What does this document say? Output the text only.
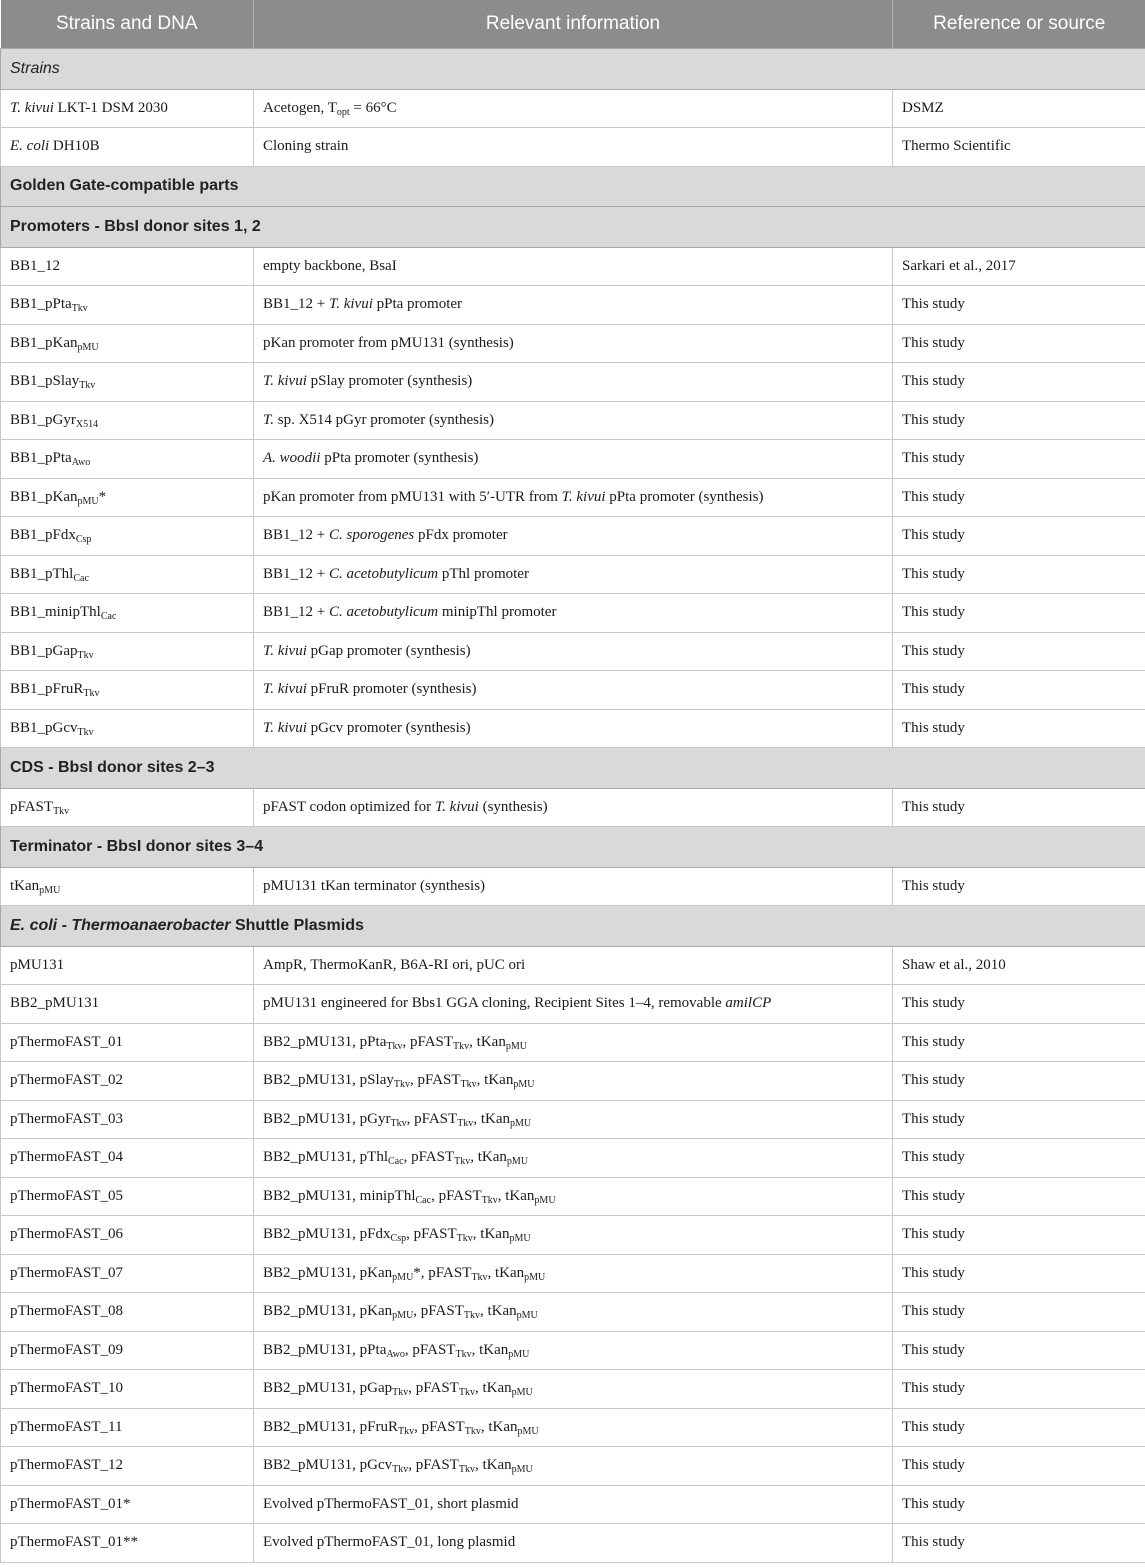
Strains and DNA	Relevant information	Reference or source
Strains		
T. kivui LKT-1 DSM 2030	Acetogen, $T_{opt} = 66^\circ C$	DSMZ
E. coli DH10B	Cloning strain	Thermo Scientific
Golden Gate-compatible parts		
Promoters - BbsI donor sites 1, 2		
BB1_12	empty backbone, BsaI	Sarkari et al., 2017
BB1_pPta$_{Tkv}$	BB1_12 + T. kivui pPta promoter	This study
BB1_pKan$_{pMU}$	pKan promoter from pMU131 (synthesis)	This study
BB1_pSlay$_{Tkv}$	T. kivui pSlay promoter (synthesis)	This study
BB1_pGyr$_{X514}$	T. sp. X514 pGyr promoter (synthesis)	This study
BB1_pPta$_{Awo}$	A. woodii pPta promoter (synthesis)	This study
BB1_pKan$_{pMU}$*	pKan promoter from pMU131 with 5′-UTR from T. kivui pPta promoter (synthesis)	This study
BB1_pFdx$_{Csp}$	BB1_12 + C. sporogenes pFdx promoter	This study
BB1_pThl$_{Cac}$	BB1_12 + C. acetobutylicum pThl promoter	This study
BB1_minipThl$_{Cac}$	BB1_12 + C. acetobutylicum minipThl promoter	This study
BB1_pGap$_{Tkv}$	T. kivui pGap promoter (synthesis)	This study
BB1_pFruR$_{Tkv}$	T. kivui pFruR promoter (synthesis)	This study
BB1_pGcv$_{Tkv}$	T. kivui pGcv promoter (synthesis)	This study
CDS - BbsI donor sites 2–3		
pFAST$_{Tkv}$	pFAST codon optimized for T. kivui (synthesis)	This study
Terminator - BbsI donor sites 3–4		
tKan$_{pMU}$	pMU131 tKan terminator (synthesis)	This study
E. coli - Thermoanaerobacter Shuttle Plasmids		
pMU131	AmpR, ThermoKanR, B6A-RI ori, pUC ori	Shaw et al., 2010
BB2_pMU131	pMU131 engineered for Bbs1 GGA cloning, Recipient Sites 1–4, removable amilCP	This study
pThermoFAST_01	BB2_pMU131, pPta$_{Tkv}$, pFAST$_{Tkv}$, tKan$_{pMU}$	This study
pThermoFAST_02	BB2_pMU131, pSlay$_{Tkv}$, pFAST$_{Tkv}$, tKan$_{pMU}$	This study
pThermoFAST_03	BB2_pMU131, pGyr$_{Tkv}$, pFAST$_{Tkv}$, tKan$_{pMU}$	This study
pThermoFAST_04	BB2_pMU131, pThl$_{Cac}$, pFAST$_{Tkv}$, tKan$_{pMU}$	This study
pThermoFAST_05	BB2_pMU131, minipThl$_{Cac}$, pFAST$_{Tkv}$, tKan$_{pMU}$	This study
pThermoFAST_06	BB2_pMU131, pFdx$_{Csp}$, pFAST$_{Tkv}$, tKan$_{pMU}$	This study
pThermoFAST_07	BB2_pMU131, pKan$_{pMU}$*, pFAST$_{Tkv}$, tKan$_{pMU}$	This study
pThermoFAST_08	BB2_pMU131, pKan$_{pMU}$, pFAST$_{Tkv}$, tKan$_{pMU}$	This study
pThermoFAST_09	BB2_pMU131, pPta$_{Awo}$, pFAST$_{Tkv}$, tKan$_{pMU}$	This study
pThermoFAST_10	BB2_pMU131, pGap$_{Tkv}$, pFAST$_{Tkv}$, tKan$_{pMU}$	This study
pThermoFAST_11	BB2_pMU131, pFruR$_{Tkv}$, pFAST$_{Tkv}$, tKan$_{pMU}$	This study
pThermoFAST_12	BB2_pMU131, pGcv$_{Tkv}$, pFAST$_{Tkv}$, tKan$_{pMU}$	This study
pThermoFAST_01*	Evolved pThermoFAST_01, short plasmid	This study
pThermoFAST_01**	Evolved pThermoFAST_01, long plasmid	This study
